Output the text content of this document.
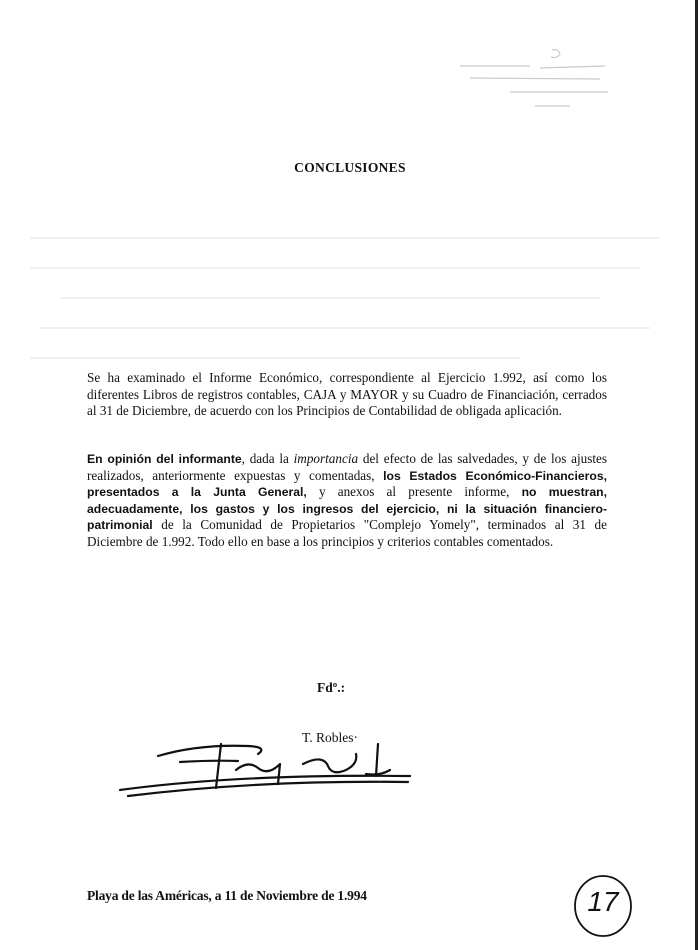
CONCLUSIONES
Se ha examinado el Informe Económico, correspondiente al Ejercicio 1.992, así como los diferentes Libros de registros contables, CAJA y MAYOR y su Cuadro de Financiación, cerrados al 31 de Diciembre, de acuerdo con los Principios de Contabilidad de obligada aplicación.
En opinión del informante, dada la importancia del efecto de las salvedades, y de los ajustes realizados, anteriormente expuestas y comentadas, los Estados Económico-Financieros, presentados a la Junta General, y anexos al presente informe, no muestran, adecuadamente, los gastos y los ingresos del ejercicio, ni la situación financiero-patrimonial de la Comunidad de Propietarios "Complejo Yomely", terminados al 31 de Diciembre de 1.992. Todo ello en base a los principios y criterios contables comentados.
Fdº.:
T. Robles·
Playa de las Américas, a 11 de Noviembre de 1.994	17
